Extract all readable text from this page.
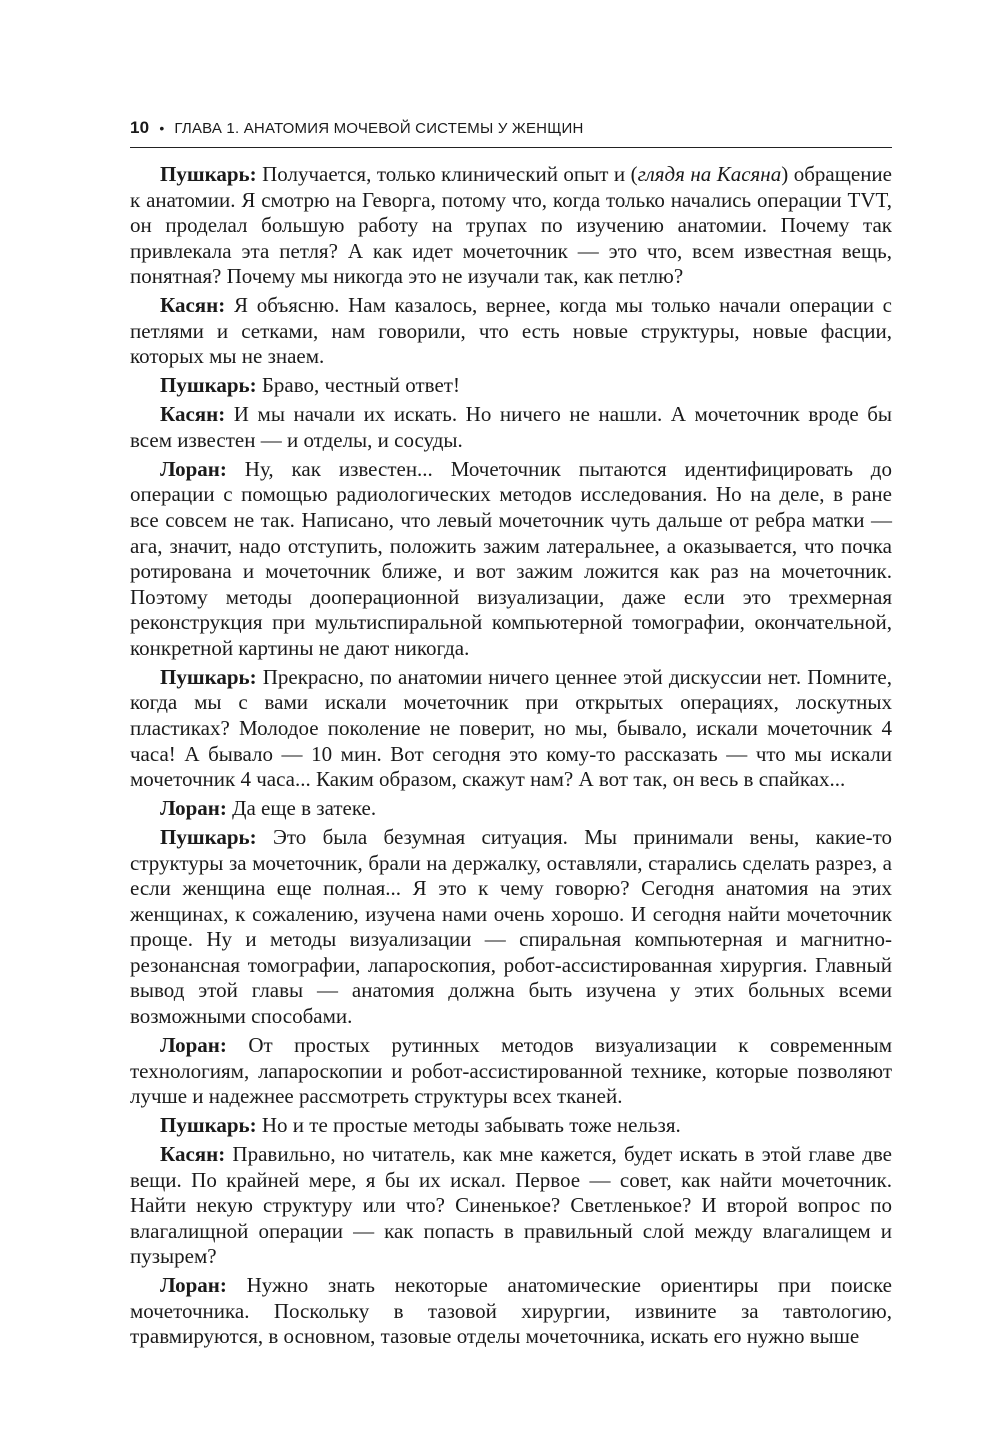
10 • ГЛАВА 1. АНАТОМИЯ МОЧЕВОЙ СИСТЕМЫ У ЖЕНЩИН

Пушкарь: Получается, только клинический опыт и (глядя на Касяна) обращение к анатомии. Я смотрю на Геворга, потому что, когда только начались операции TVT, он проделал большую работу на трупах по изучению анатомии. Почему так привлекала эта петля? А как идет мочеточник — это что, всем известная вещь, понятная? Почему мы никогда это не изучали так, как петлю?

Касян: Я объясню. Нам казалось, вернее, когда мы только начали операции с петлями и сетками, нам говорили, что есть новые структуры, новые фасции, которых мы не знаем.

Пушкарь: Браво, честный ответ!

Касян: И мы начали их искать. Но ничего не нашли. А мочеточник вроде бы всем известен — и отделы, и сосуды.

Лоран: Ну, как известен... Мочеточник пытаются идентифицировать до операции с помощью радиологических методов исследования. Но на деле, в ране все совсем не так. Написано, что левый мочеточник чуть дальше от ребра матки — ага, значит, надо отступить, положить зажим латеральнее, а оказывается, что почка ротирована и мочеточник ближе, и вот зажим ложится как раз на мочеточник. Поэтому методы дооперационной визуализации, даже если это трехмерная реконструкция при мультиспиральной компьютерной томографии, окончательной, конкретной картины не дают никогда.

Пушкарь: Прекрасно, по анатомии ничего ценнее этой дискуссии нет. Помните, когда мы с вами искали мочеточник при открытых операциях, лоскутных пластиках? Молодое поколение не поверит, но мы, бывало, искали мочеточник 4 часа! А бывало — 10 мин. Вот сегодня это кому-то рассказать — что мы искали мочеточник 4 часа... Каким образом, скажут нам? А вот так, он весь в спайках...

Лоран: Да еще в затеке.

Пушкарь: Это была безумная ситуация. Мы принимали вены, какие-то структуры за мочеточник, брали на держалку, оставляли, старались сделать разрез, а если женщина еще полная... Я это к чему говорю? Сегодня анатомия на этих женщинах, к сожалению, изучена нами очень хорошо. И сегодня найти мочеточник проще. Ну и методы визуализации — спиральная компьютерная и магнитно-резонансная томографии, лапароскопия, робот-ассистированная хирургия. Главный вывод этой главы — анатомия должна быть изучена у этих больных всеми возможными способами.

Лоран: От простых рутинных методов визуализации к современным технологиям, лапароскопии и робот-ассистированной технике, которые позволяют лучше и надежнее рассмотреть структуры всех тканей.

Пушкарь: Но и те простые методы забывать тоже нельзя.

Касян: Правильно, но читатель, как мне кажется, будет искать в этой главе две вещи. По крайней мере, я бы их искал. Первое — совет, как найти мочеточник. Найти некую структуру или что? Синенькое? Светленькое? И второй вопрос по влагалищной операции — как попасть в правильный слой между влагалищем и пузырем?

Лоран: Нужно знать некоторые анатомические ориентиры при поиске мочеточника. Поскольку в тазовой хирургии, извините за тавтологию, травмируются, в основном, тазовые отделы мочеточника, искать его нужно выше
